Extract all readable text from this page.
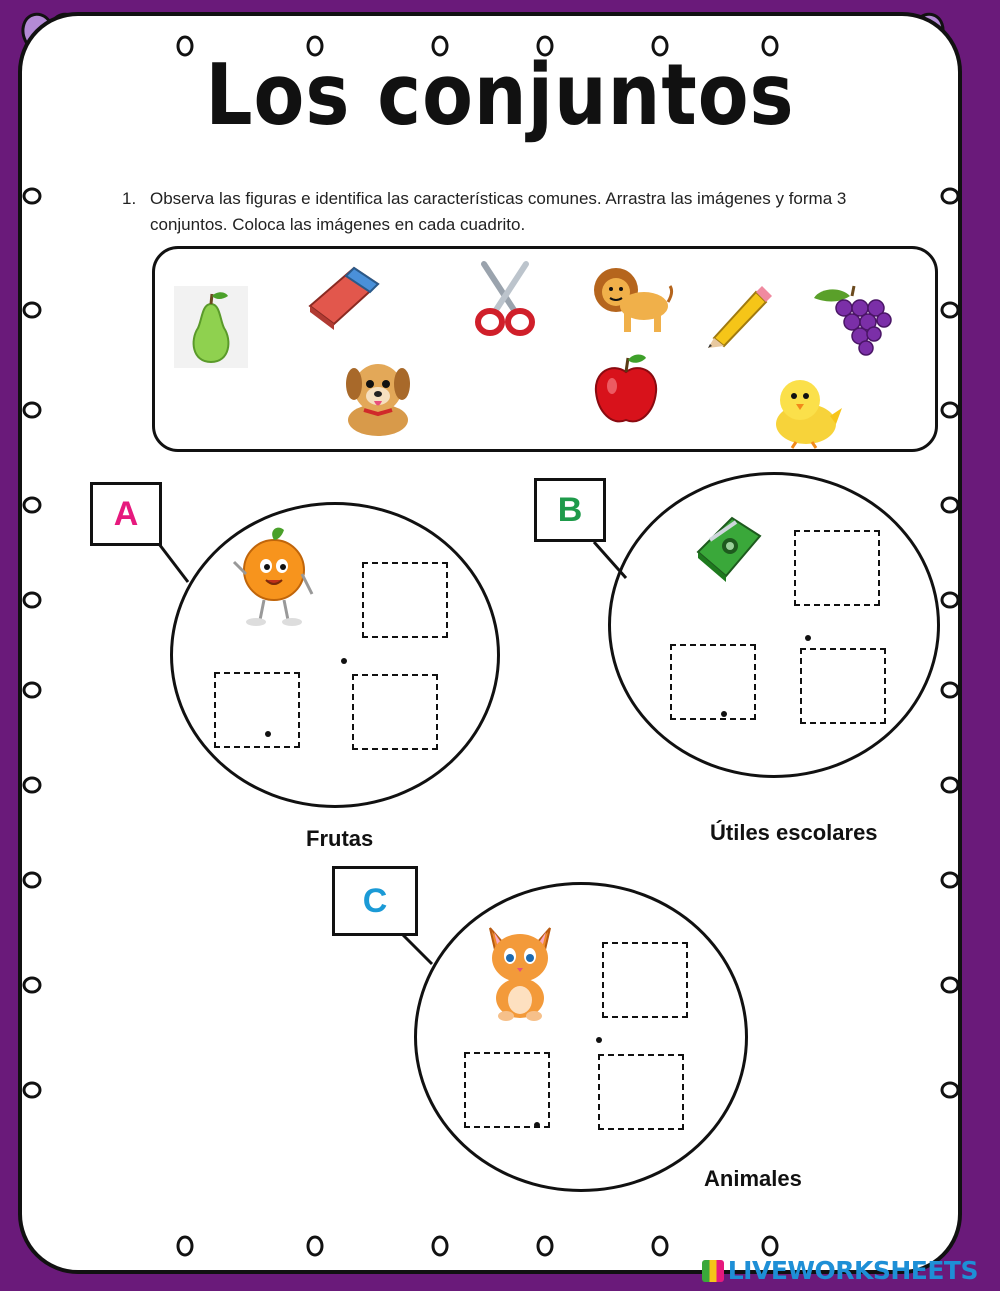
Los conjuntos
1. Observa las figuras e identifica las características comunes. Arrastra las imágenes y forma 3 conjuntos. Coloca las imágenes en cada cuadrito.
A
Frutas
B
Útiles escolares
C
Animales
LIVEWORKSHEETS
